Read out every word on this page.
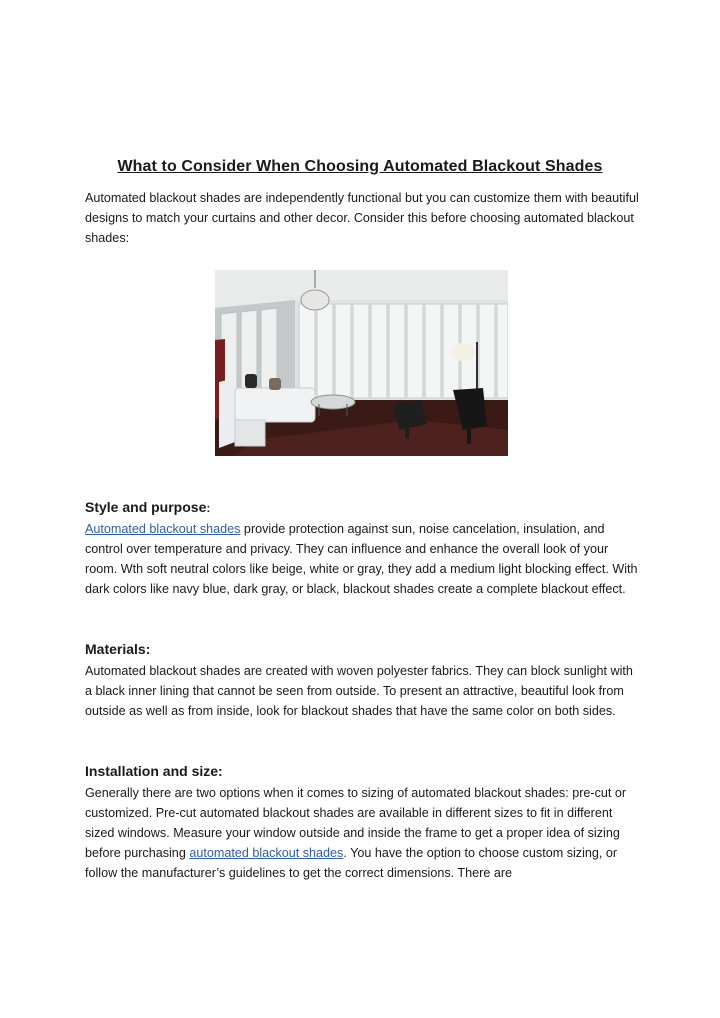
What to Consider When Choosing Automated Blackout Shades

Automated blackout shades are independently functional but you can customize them with beautiful designs to match your curtains and other decor. Consider this before choosing automated blackout shades:

Style and purpose:

Automated blackout shades provide protection against sun, noise cancelation, insulation, and control over temperature and privacy. They can influence and enhance the overall look of your room. Wth soft neutral colors like beige, white or gray, they add a medium light blocking effect. With dark colors like navy blue, dark gray, or black, blackout shades create a complete blackout effect.

Materials:

Automated blackout shades are created with woven polyester fabrics. They can block sunlight with a black inner lining that cannot be seen from outside. To present an attractive, beautiful look from outside as well as from inside, look for blackout shades that have the same color on both sides.

Installation and size:

Generally there are two options when it comes to sizing of automated blackout shades: pre-cut or customized. Pre-cut automated blackout shades are available in different sizes to fit in different sized windows. Measure your window outside and inside the frame to get a proper idea of sizing before purchasing automated blackout shades. You have the option to choose custom sizing, or follow the manufacturer’s guidelines to get the correct dimensions. There are
